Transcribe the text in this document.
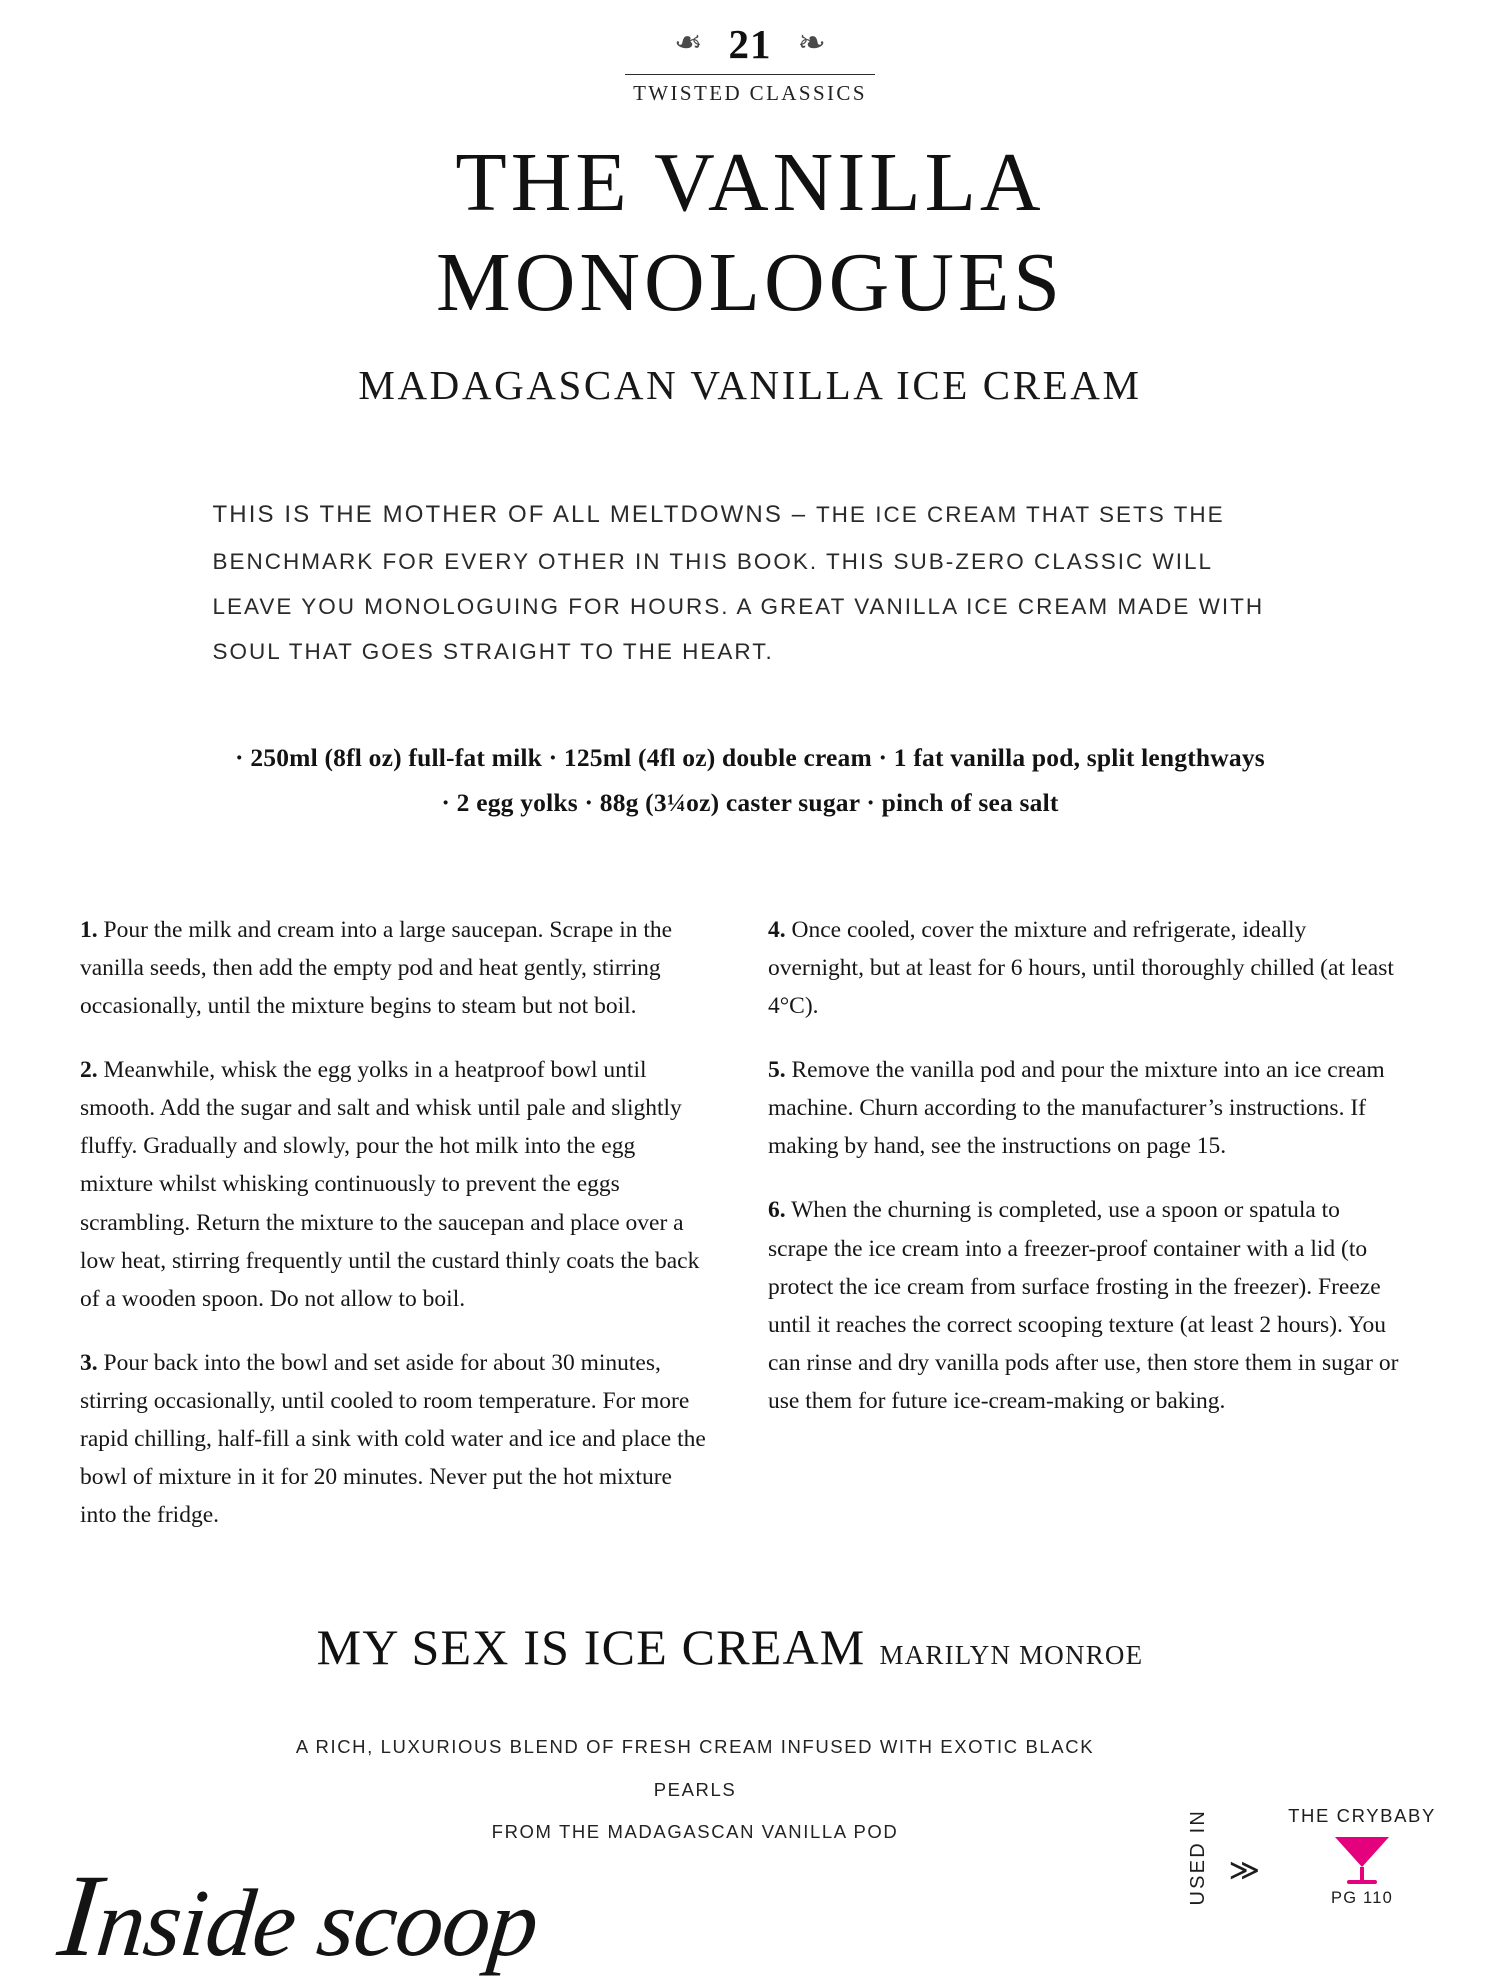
❧ 21 ❧
TWISTED CLASSICS
THE VANILLA
MONOLOGUES
MADAGASCAN VANILLA ICE CREAM
THIS IS THE MOTHER OF ALL MELTDOWNS – THE ICE CREAM THAT SETS THE BENCHMARK FOR EVERY OTHER IN THIS BOOK. THIS SUB-ZERO CLASSIC WILL LEAVE YOU MONOLOGUING FOR HOURS. A GREAT VANILLA ICE CREAM MADE WITH SOUL THAT GOES STRAIGHT TO THE HEART.
· 250ml (8fl oz) full-fat milk · 125ml (4fl oz) double cream · 1 fat vanilla pod, split lengthways
· 2 egg yolks · 88g (3¼oz) caster sugar · pinch of sea salt

1. Pour the milk and cream into a large saucepan. Scrape in the vanilla seeds, then add the empty pod and heat gently, stirring occasionally, until the mixture begins to steam but not boil.

2. Meanwhile, whisk the egg yolks in a heatproof bowl until smooth. Add the sugar and salt and whisk until pale and slightly fluffy. Gradually and slowly, pour the hot milk into the egg mixture whilst whisking continuously to prevent the eggs scrambling. Return the mixture to the saucepan and place over a low heat, stirring frequently until the custard thinly coats the back of a wooden spoon. Do not allow to boil.

3. Pour back into the bowl and set aside for about 30 minutes, stirring occasionally, until cooled to room temperature. For more rapid chilling, half-fill a sink with cold water and ice and place the bowl of mixture in it for 20 minutes. Never put the hot mixture into the fridge.

4. Once cooled, cover the mixture and refrigerate, ideally overnight, but at least for 6 hours, until thoroughly chilled (at least 4°C).

5. Remove the vanilla pod and pour the mixture into an ice cream machine. Churn according to the manufacturer’s instructions. If making by hand, see the instructions on page 15.

6. When the churning is completed, use a spoon or spatula to scrape the ice cream into a freezer-proof container with a lid (to protect the ice cream from surface frosting in the freezer). Freeze until it reaches the correct scooping texture (at least 2 hours). You can rinse and dry vanilla pods after use, then store them in sugar or use them for future ice-cream-making or baking.

MY SEX IS ICE CREAM MARILYN MONROE
Inside scoop
A RICH, LUXURIOUS BLEND OF FRESH CREAM INFUSED WITH EXOTIC BLACK PEARLS
FROM THE MADAGASCAN VANILLA POD	USED IN ≫
THE CRYBABY
PG 110
